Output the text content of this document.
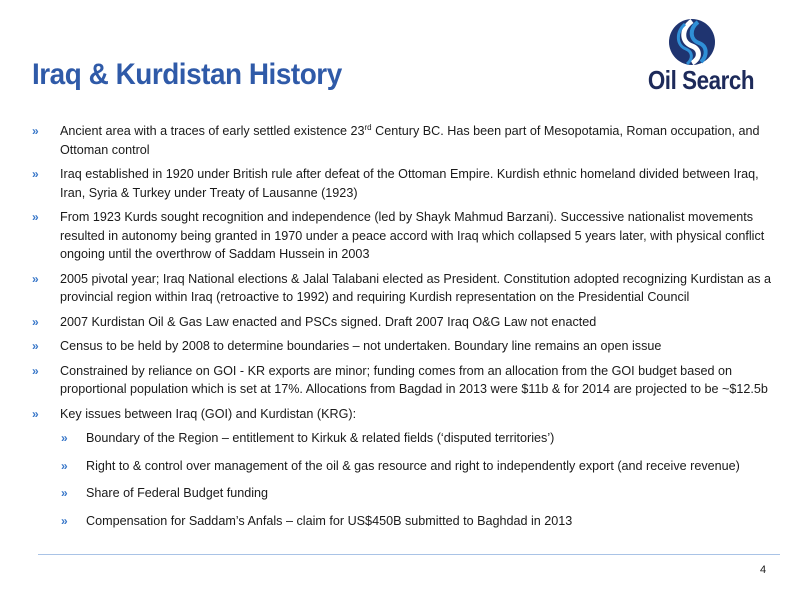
Iraq & Kurdistan History	Oil Search
» Ancient area with a traces of early settled existence 23rd Century BC. Has been part of Mesopotamia, Roman occupation, and Ottoman control
» Iraq established in 1920 under British rule after defeat of the Ottoman Empire. Kurdish ethnic homeland divided between Iraq, Iran, Syria & Turkey under Treaty of Lausanne (1923)
» From 1923 Kurds sought recognition and independence (led by Shayk Mahmud Barzani). Successive nationalist movements resulted in autonomy being granted in 1970 under a peace accord with Iraq which collapsed 5 years later, with physical conflict ongoing until the overthrow of Saddam Hussein in 2003
» 2005 pivotal year; Iraq National elections & Jalal Talabani elected as President. Constitution adopted recognizing Kurdistan as a provincial region within Iraq (retroactive to 1992) and requiring Kurdish representation on the Presidential Council
» 2007 Kurdistan Oil & Gas Law enacted and PSCs signed. Draft 2007 Iraq O&G Law not enacted
» Census to be held by 2008 to determine boundaries – not undertaken. Boundary line remains an open issue
» Constrained by reliance on GOI - KR exports are minor; funding comes from an allocation from the GOI budget based on proportional population which is set at 17%. Allocations from Bagdad in 2013 were $11b & for 2014 are projected to be ~$12.5b
» Key issues between Iraq (GOI) and Kurdistan (KRG):
» Boundary of the Region – entitlement to Kirkuk & related fields (‘disputed territories’)
» Right to & control over management of the oil & gas resource and right to independently export (and receive revenue)
» Share of Federal Budget funding
» Compensation for Saddam’s Anfals – claim for US$450B submitted to Baghdad in 2013
4
